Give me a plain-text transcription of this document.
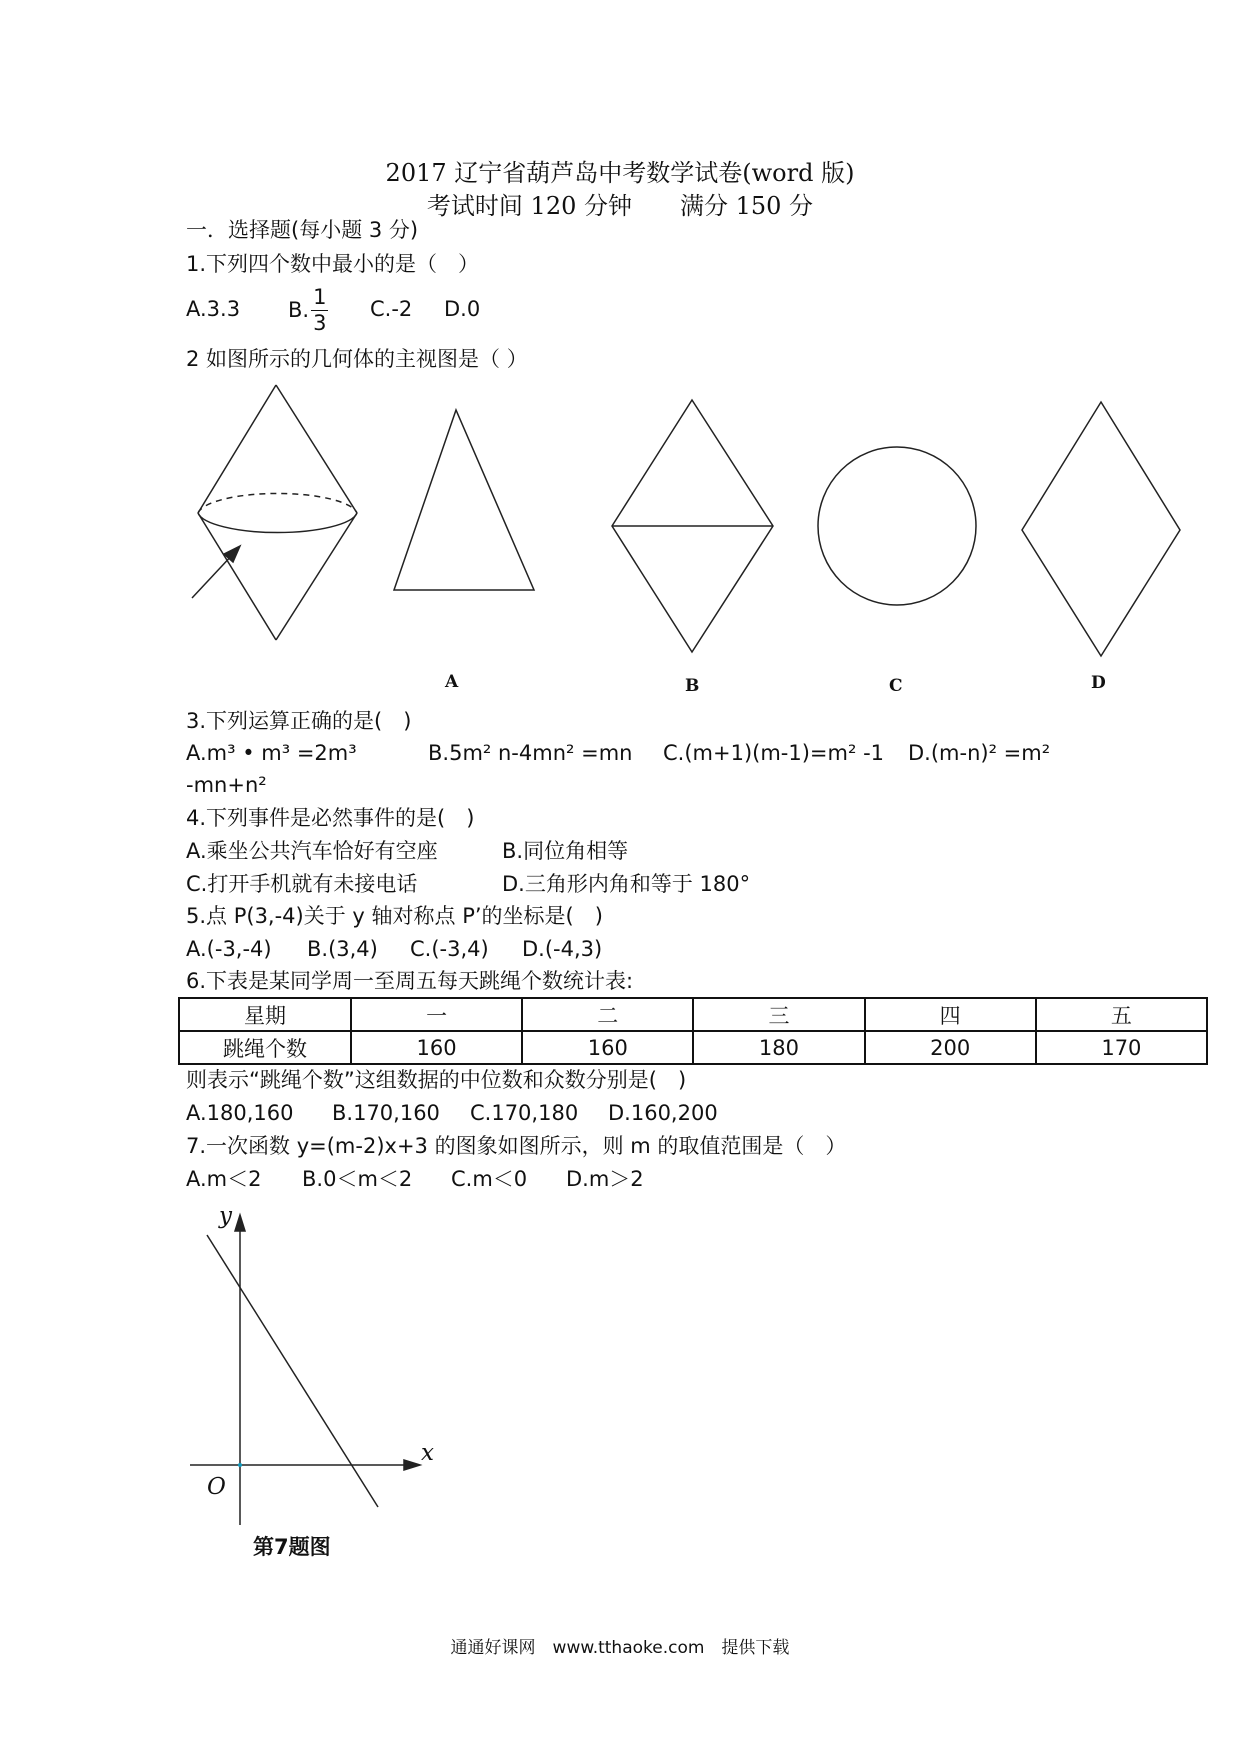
2017 辽宁省葫芦岛中考数学试卷(word 版)
考试时间 120 分钟　　满分 150 分
一．选择题(每小题 3 分)
1.下列四个数中最小的是（　）
A.3.3 B. $\frac{1}{3} C.-2$ D.0
2 如图所示的几何体的主视图是（ ）
A	B	C	D
3.下列运算正确的是(　)
A.m³ • m³ =2m³	B.5m² n-4mn² =mn C.(m+1)(m-1)=m² -1 D.(m-n)² =m²
-mn+n²
4.下列事件是必然事件的是(　)
A.乘坐公共汽车恰好有空座	B.同位角相等
C.打开手机就有未接电话	D.三角形内角和等于 180°
5.点 P(3,-4)关于 y 轴对称点 P’的坐标是(　)
A.(-3,-4) B.(3,4) C.(-3,4) D.(-4,3)
6.下表是某同学周一至周五每天跳绳个数统计表:
星期	一	二	三	四	五
跳绳个数	160	160	180	200	170
则表示“跳绳个数”这组数据的中位数和众数分别是(　)
A.180,160 B.170,160 C.170,180 D.160,200
7.一次函数 y=(m-2)x+3 的图象如图所示，则 m 的取值范围是（　）
A.m＜2 B.0＜m＜2 C.m＜0 D.m＞2
y
x
O
第7题图
通通好课网　www.tthaoke.com　提供下载
